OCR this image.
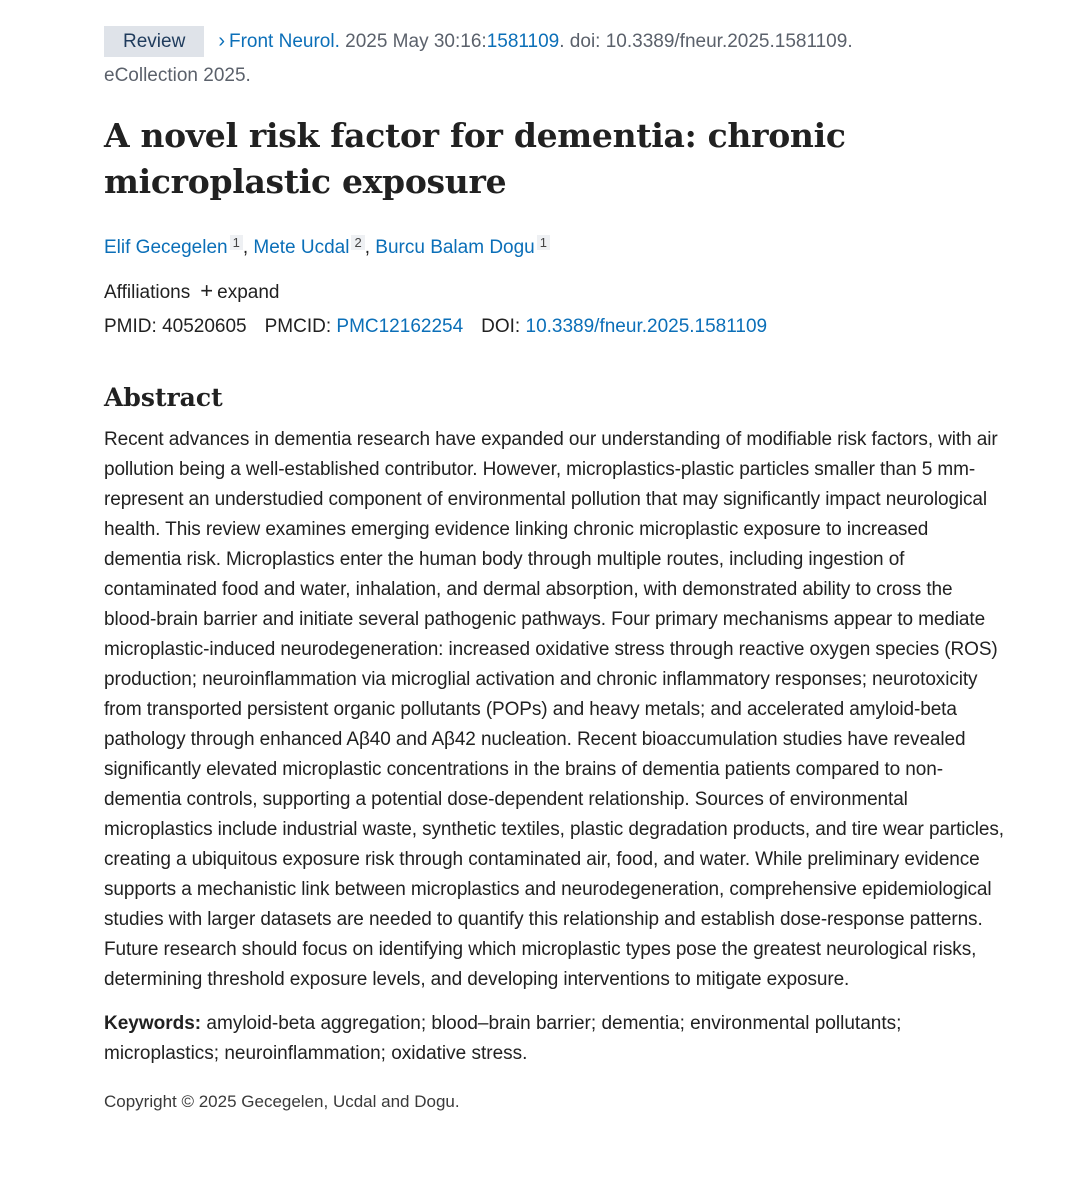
Review › Front Neurol. 2025 May 30:16:1581109. doi: 10.3389/fneur.2025.1581109.
eCollection 2025.
A novel risk factor for dementia: chronic microplastic exposure
Elif Gecegelen $^1$ , Mete Ucdal $^2$ , Burcu Balam Dogu $^1$
Affiliations + expand
PMID: 40520605 PMCID: PMC12162254 DOI: 10.3389/fneur.2025.1581109
Abstract
Recent advances in dementia research have expanded our understanding of modifiable risk factors, with air pollution being a well-established contributor. However, microplastics-plastic particles smaller than 5 mm-represent an understudied component of environmental pollution that may significantly impact neurological health. This review examines emerging evidence linking chronic microplastic exposure to increased dementia risk. Microplastics enter the human body through multiple routes, including ingestion of contaminated food and water, inhalation, and dermal absorption, with demonstrated ability to cross the blood-brain barrier and initiate several pathogenic pathways. Four primary mechanisms appear to mediate microplastic-induced neurodegeneration: increased oxidative stress through reactive oxygen species (ROS) production; neuroinflammation via microglial activation and chronic inflammatory responses; neurotoxicity from transported persistent organic pollutants (POPs) and heavy metals; and accelerated amyloid-beta pathology through enhanced Aβ40 and Aβ42 nucleation. Recent bioaccumulation studies have revealed significantly elevated microplastic concentrations in the brains of dementia patients compared to non-dementia controls, supporting a potential dose-dependent relationship. Sources of environmental microplastics include industrial waste, synthetic textiles, plastic degradation products, and tire wear particles, creating a ubiquitous exposure risk through contaminated air, food, and water. While preliminary evidence supports a mechanistic link between microplastics and neurodegeneration, comprehensive epidemiological studies with larger datasets are needed to quantify this relationship and establish dose-response patterns. Future research should focus on identifying which microplastic types pose the greatest neurological risks, determining threshold exposure levels, and developing interventions to mitigate exposure.
Keywords: amyloid-beta aggregation; blood–brain barrier; dementia; environmental pollutants; microplastics; neuroinflammation; oxidative stress.
Copyright © 2025 Gecegelen, Ucdal and Dogu.
